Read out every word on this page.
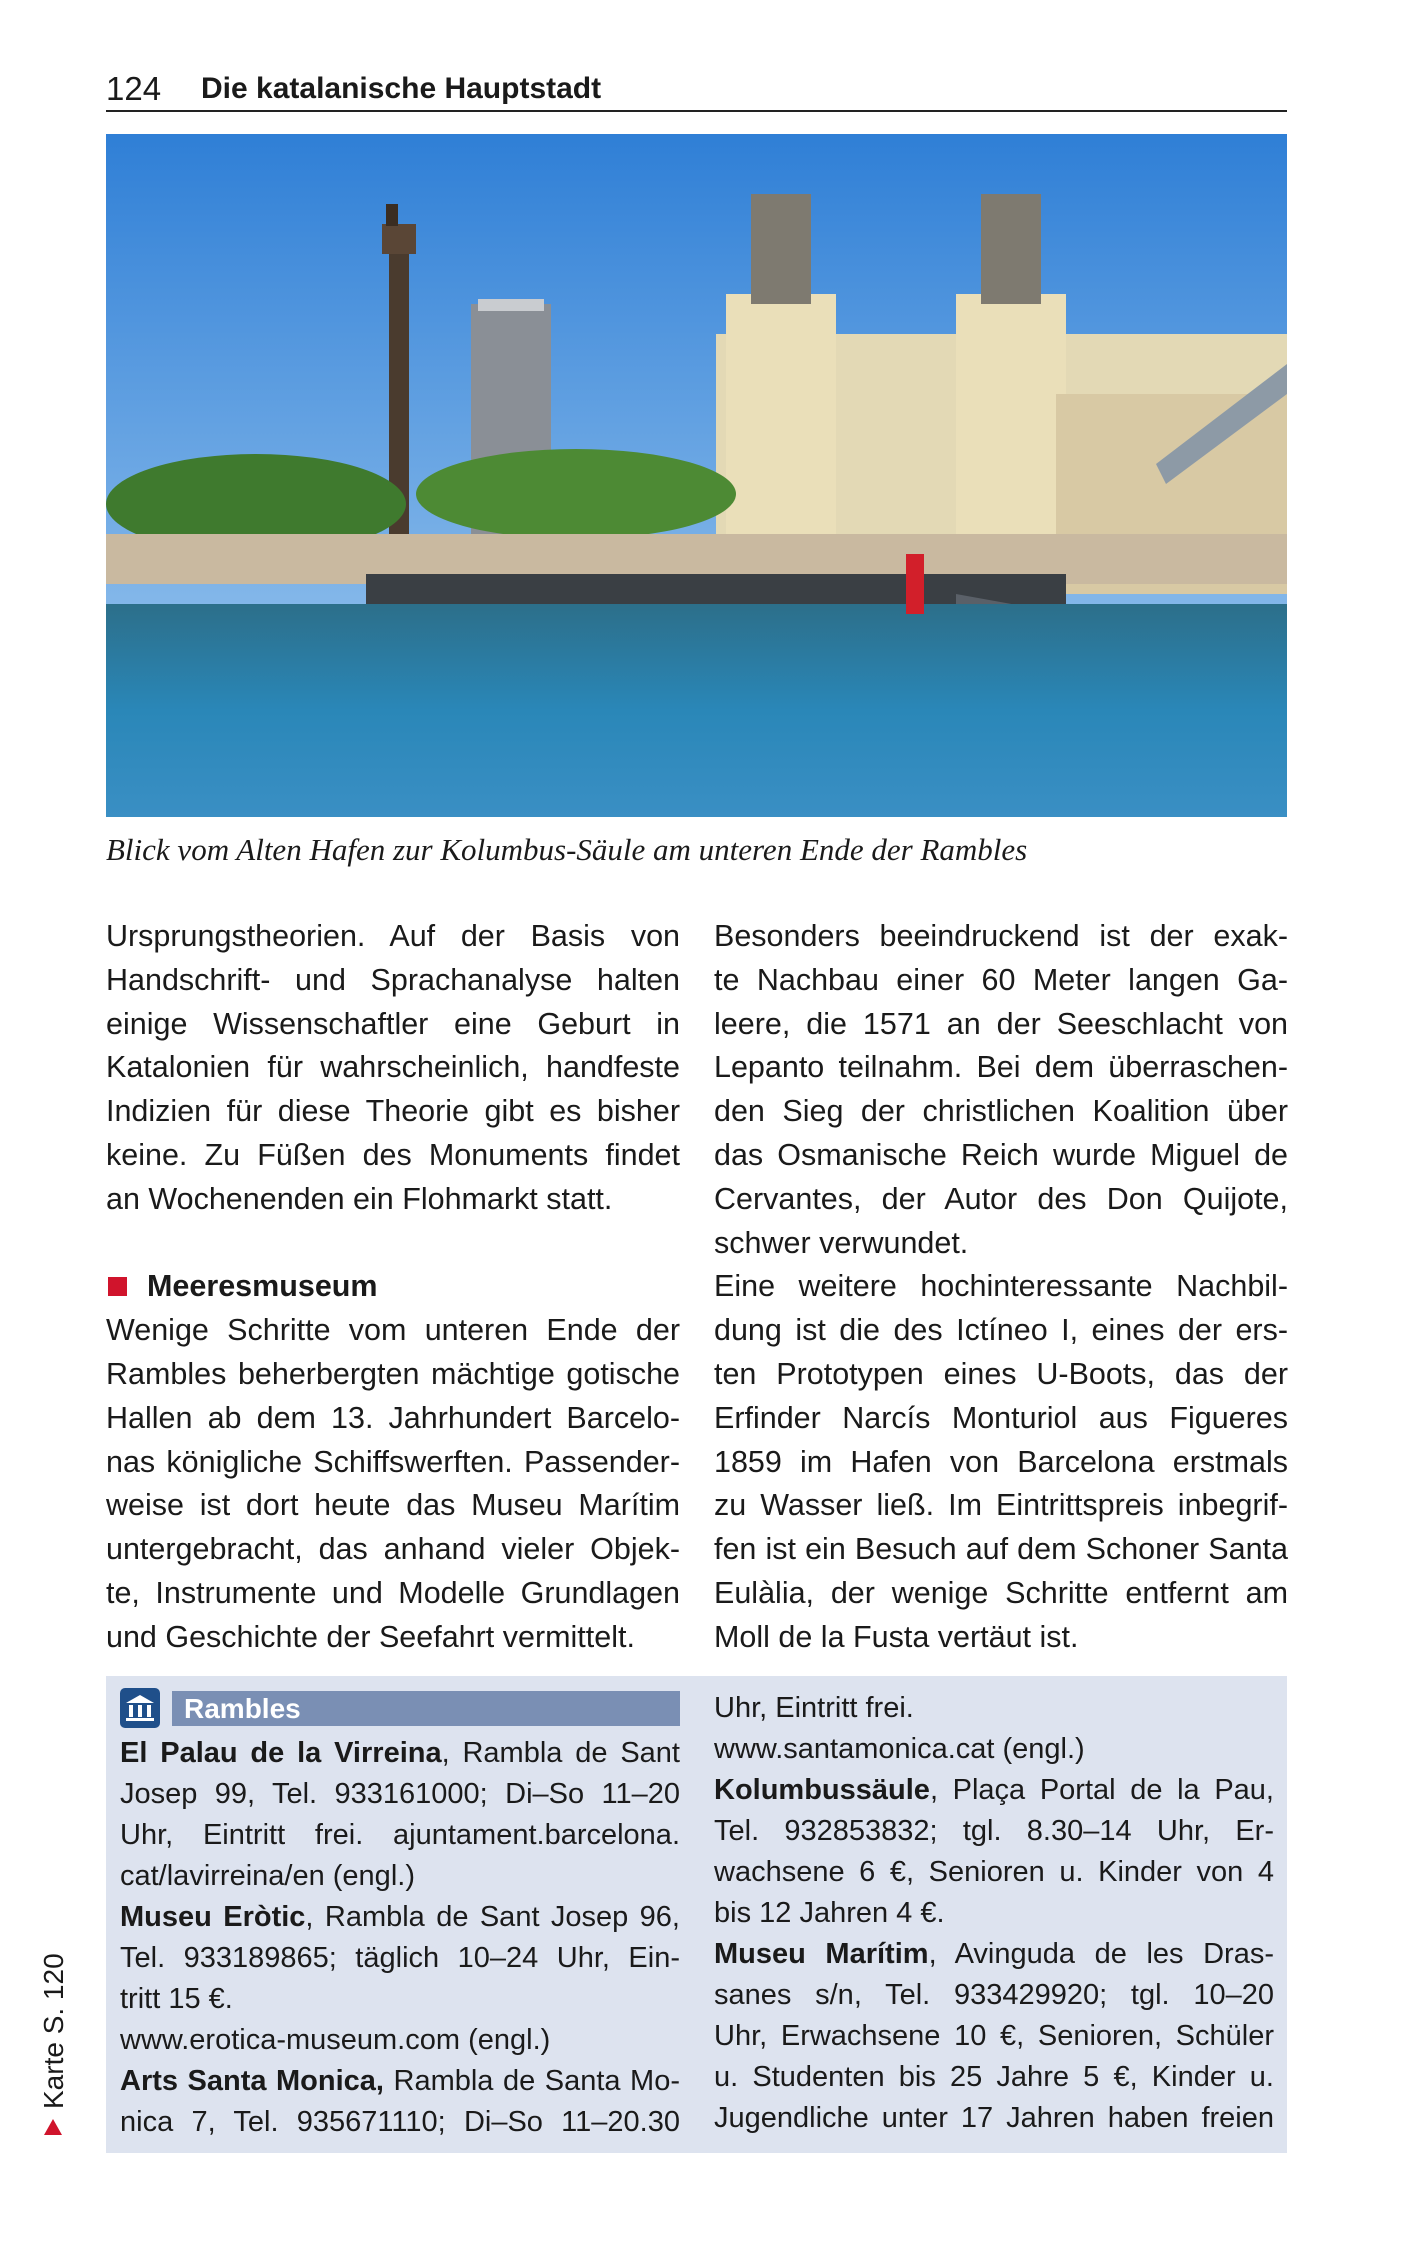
124 Die katalanische Hauptstadt
Blick vom Alten Hafen zur Kolumbus-Säule am unteren Ende der Rambles
Ursprungstheorien. Auf der Basis von
Handschrift- und Sprachanalyse halten
einige Wissenschaftler eine Geburt in
Katalonien für wahrscheinlich, handfeste
Indizien für diese Theorie gibt es bisher
keine. Zu Füßen des Monuments findet
an Wochenenden ein Flohmarkt statt.
Meeresmuseum
Wenige Schritte vom unteren Ende der
Rambles beherbergten mächtige gotische
Hallen ab dem 13. Jahrhundert Barcelo-
nas königliche Schiffswerften. Passender-
weise ist dort heute das Museu Marítim
untergebracht, das anhand vieler Objek-
te, Instrumente und Modelle Grundlagen
und Geschichte der Seefahrt vermittelt.
Besonders beeindruckend ist der exak-
te Nachbau einer 60 Meter langen Ga-
leere, die 1571 an der Seeschlacht von
Lepanto teilnahm. Bei dem überraschen-
den Sieg der christlichen Koalition über
das Osmanische Reich wurde Miguel de
Cervantes, der Autor des Don Quijote,
schwer verwundet.
Eine weitere hochinteressante Nachbil-
dung ist die des Ictíneo I, eines der ers-
ten Prototypen eines U-Boots, das der
Erfinder Narcís Monturiol aus Figueres
1859 im Hafen von Barcelona erstmals
zu Wasser ließ. Im Eintrittspreis inbegrif-
fen ist ein Besuch auf dem Schoner Santa
Eulàlia, der wenige Schritte entfernt am
Moll de la Fusta vertäut ist.
Rambles
El Palau de la Virreina, Rambla de Sant
Josep 99, Tel. 933161000; Di–So 11–20
Uhr, Eintritt frei. ajuntament.barcelona.
cat/lavirreina/en (engl.)
Museu Eròtic, Rambla de Sant Josep 96,
Tel. 933189865; täglich 10–24 Uhr, Ein-
tritt 15 €.
www.erotica-museum.com (engl.)
Arts Santa Monica, Rambla de Santa Mo-
nica 7, Tel. 935671110; Di–So 11–20.30
Uhr, Eintritt frei.
www.santamonica.cat (engl.)
Kolumbussäule, Plaça Portal de la Pau,
Tel. 932853832; tgl. 8.30–14 Uhr, Er-
wachsene 6 €, Senioren u. Kinder von 4
bis 12 Jahren 4 €.
Museu Marítim, Avinguda de les Dras-
sanes s/n, Tel. 933429920; tgl. 10–20
Uhr, Erwachsene 10 €, Senioren, Schüler
u. Studenten bis 25 Jahre 5 €, Kinder u.
Jugendliche unter 17 Jahren haben freien
Karte S. 120
